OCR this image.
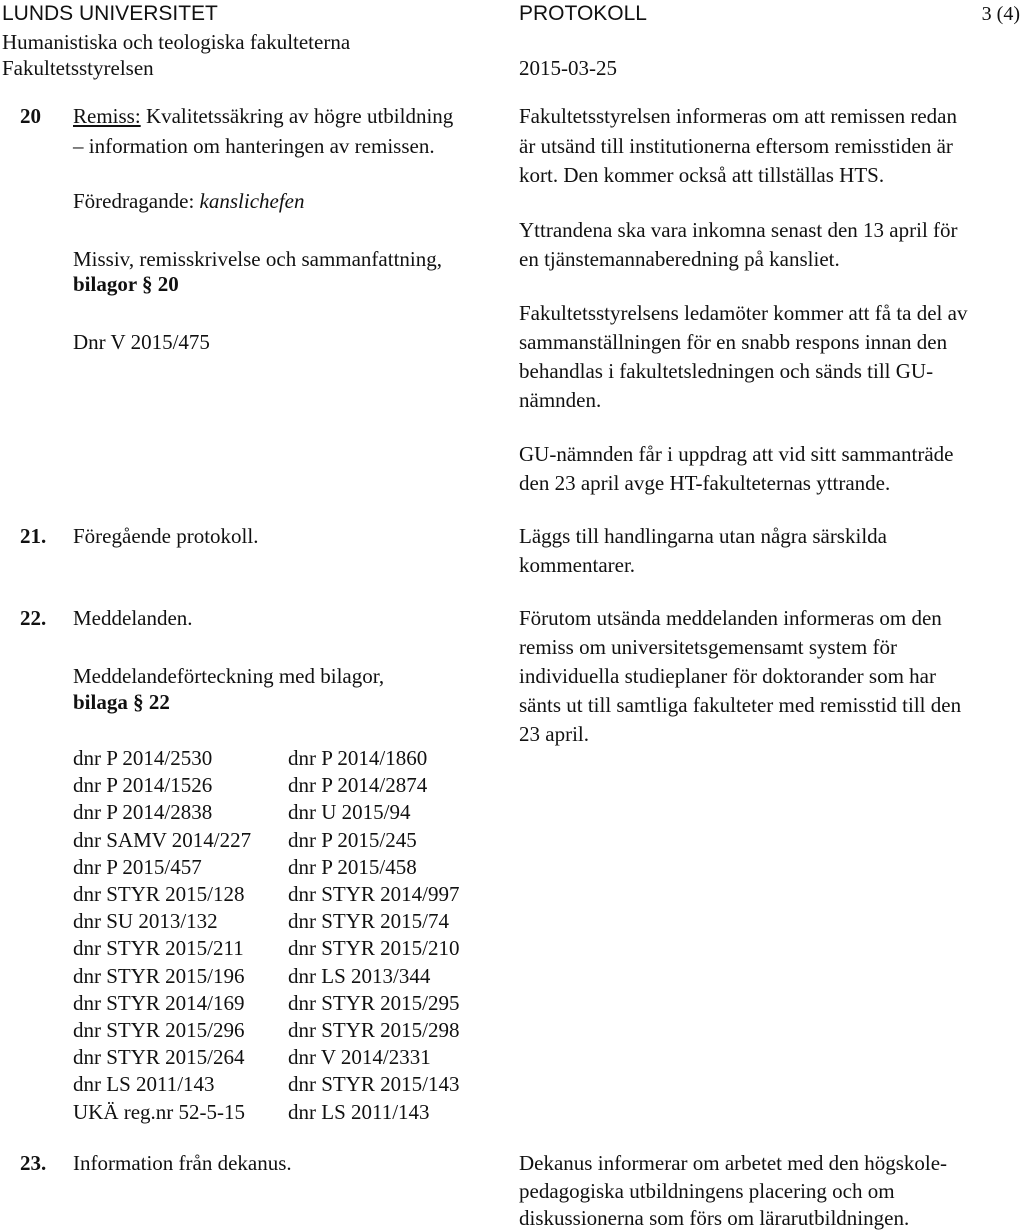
LUNDS UNIVERSITET
Humanistiska och teologiska fakulteterna
Fakultetsstyrelsen
PROTOKOLL
2015-03-25
3 (4)
20 Remiss: Kvalitetssäkring av högre utbildning
– information om hanteringen av remissen.
Föredragande: kanslichefen
Missiv, remisskrivelse och sammanfattning,
bilagor § 20
Dnr V 2015/475
Fakultetsstyrelsen informeras om att remissen redan
är utsänd till institutionerna eftersom remisstiden är
kort. Den kommer också att tillställas HTS.
Yttrandena ska vara inkomna senast den 13 april för
en tjänstemannaberedning på kansliet.
Fakultetsstyrelsens ledamöter kommer att få ta del av
sammanställningen för en snabb respons innan den
behandlas i fakultetsledningen och sänds till GU-
nämnden.
GU-nämnden får i uppdrag att vid sitt sammanträde
den 23 april avge HT-fakulteternas yttrande.
21. Föregående protokoll.	Läggs till handlingarna utan några särskilda
kommentarer.
22. Meddelanden.
Meddelandeförteckning med bilagor,
bilaga § 22
Förutom utsända meddelanden informeras om den
remiss om universitetsgemensamt system för
individuella studieplaner för doktorander som har
sänts ut till samtliga fakulteter med remisstid till den
23 april.
dnr P 2014/2530
dnr P 2014/1526
dnr P 2014/2838
dnr SAMV 2014/227
dnr P 2015/457
dnr STYR 2015/128
dnr SU 2013/132
dnr STYR 2015/211
dnr STYR 2015/196
dnr STYR 2014/169
dnr STYR 2015/296
dnr STYR 2015/264
dnr LS 2011/143
UKÄ reg.nr 52-5-15
dnr P 2014/1860
dnr P 2014/2874
dnr U 2015/94
dnr P 2015/245
dnr P 2015/458
dnr STYR 2014/997
dnr STYR 2015/74
dnr STYR 2015/210
dnr LS 2013/344
dnr STYR 2015/295
dnr STYR 2015/298
dnr V 2014/2331
dnr STYR 2015/143
dnr LS 2011/143
23. Information från dekanus.	Dekanus informerar om arbetet med den högskole-
pedagogiska utbildningens placering och om
diskussionerna som förs om lärarutbildningen.
